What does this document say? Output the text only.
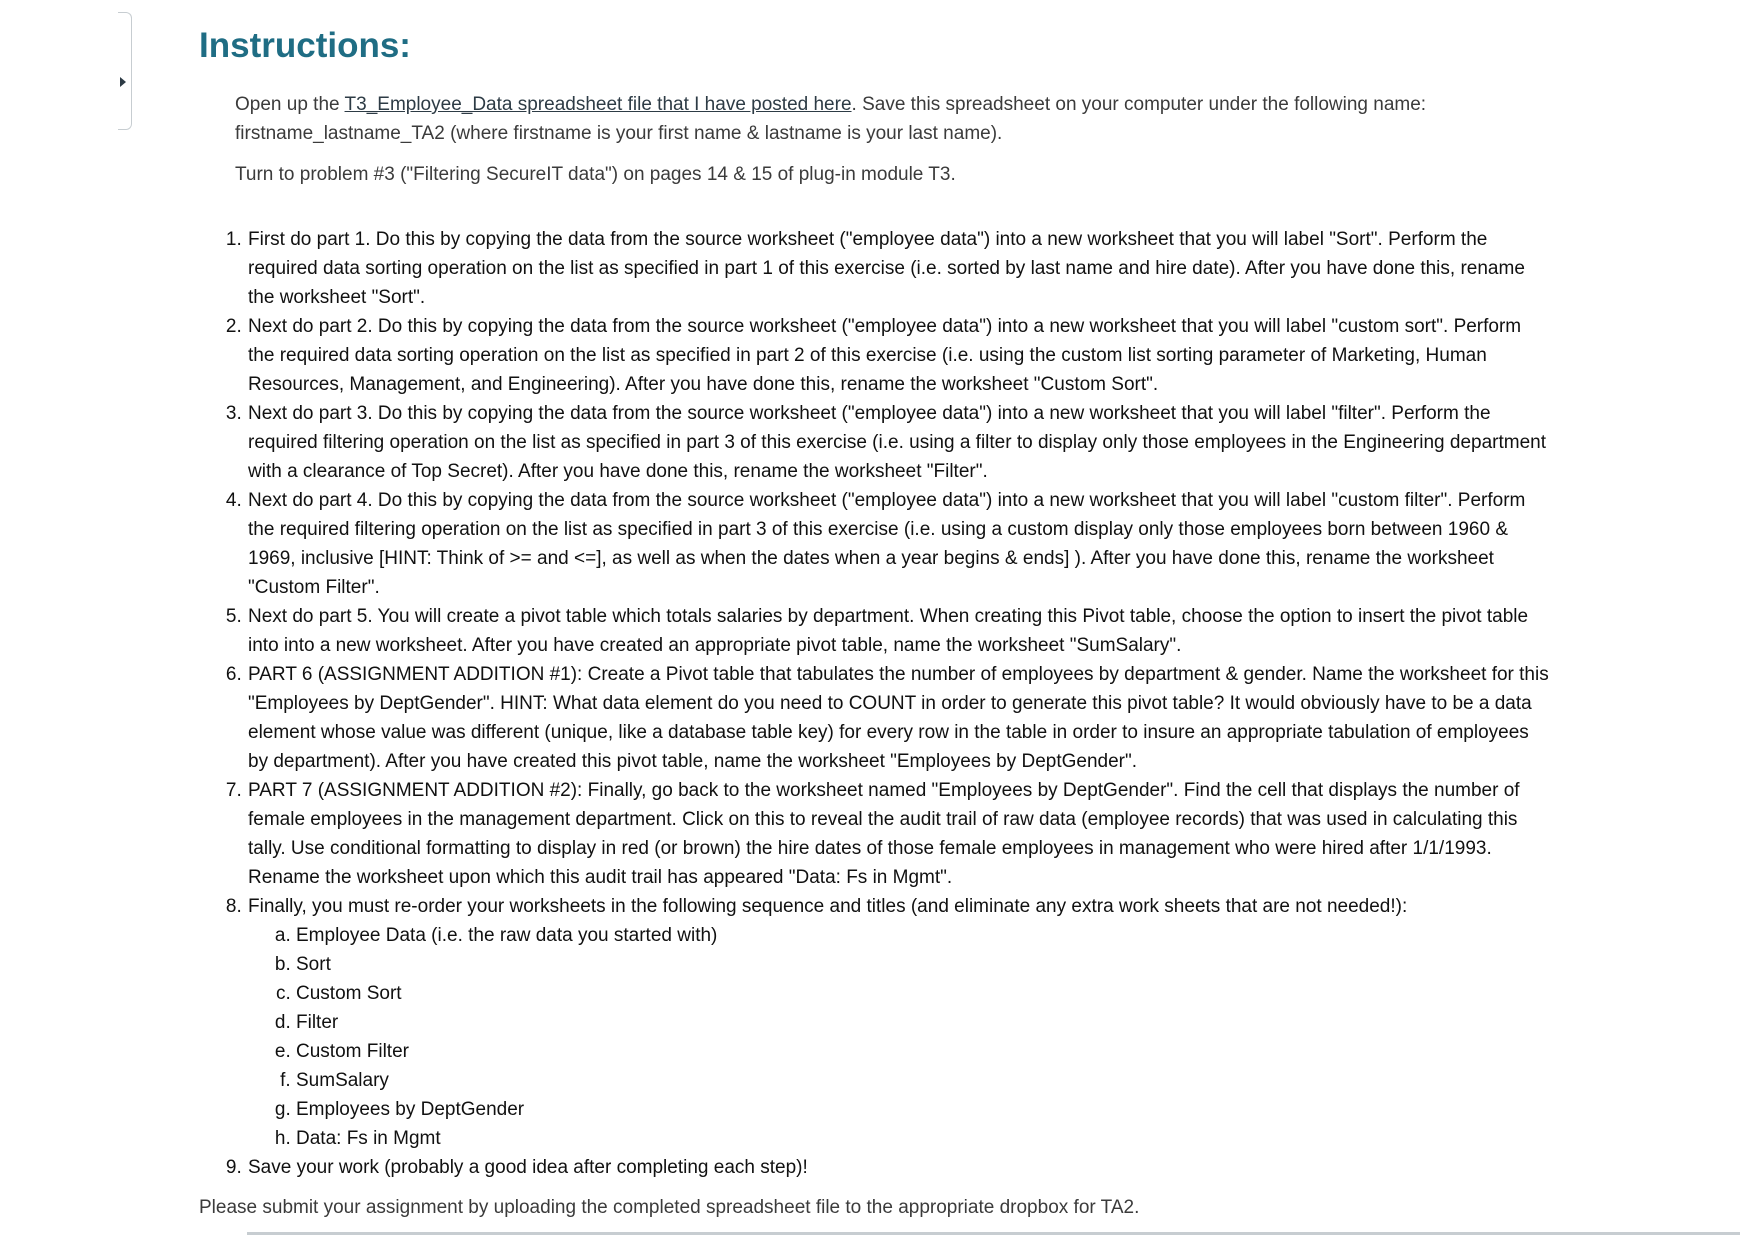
Instructions:

Open up the T3_Employee_Data spreadsheet file that I have posted here. Save this spreadsheet on your computer under the following name: firstname_lastname_TA2 (where firstname is your first name & lastname is your last name).

Turn to problem #3 ("Filtering SecureIT data") on pages 14 & 15 of plug-in module T3.

1. First do part 1. Do this by copying the data from the source worksheet ("employee data") into a new worksheet that you will label "Sort". Perform the required data sorting operation on the list as specified in part 1 of this exercise (i.e. sorted by last name and hire date). After you have done this, rename the worksheet "Sort".
2. Next do part 2. Do this by copying the data from the source worksheet ("employee data") into a new worksheet that you will label "custom sort". Perform the required data sorting operation on the list as specified in part 2 of this exercise (i.e. using the custom list sorting parameter of Marketing, Human Resources, Management, and Engineering). After you have done this, rename the worksheet "Custom Sort".
3. Next do part 3. Do this by copying the data from the source worksheet ("employee data") into a new worksheet that you will label "filter". Perform the required filtering operation on the list as specified in part 3 of this exercise (i.e. using a filter to display only those employees in the Engineering department with a clearance of Top Secret). After you have done this, rename the worksheet "Filter".
4. Next do part 4. Do this by copying the data from the source worksheet ("employee data") into a new worksheet that you will label "custom filter". Perform the required filtering operation on the list as specified in part 3 of this exercise (i.e. using a custom display only those employees born between 1960 & 1969, inclusive [HINT: Think of >= and <=], as well as when the dates when a year begins & ends] ). After you have done this, rename the worksheet "Custom Filter".
5. Next do part 5. You will create a pivot table which totals salaries by department. When creating this Pivot table, choose the option to insert the pivot table into into a new worksheet. After you have created an appropriate pivot table, name the worksheet "SumSalary".
6. PART 6 (ASSIGNMENT ADDITION #1): Create a Pivot table that tabulates the number of employees by department & gender. Name the worksheet for this "Employees by DeptGender". HINT: What data element do you need to COUNT in order to generate this pivot table? It would obviously have to be a data element whose value was different (unique, like a database table key) for every row in the table in order to insure an appropriate tabulation of employees by department). After you have created this pivot table, name the worksheet "Employees by DeptGender".
7. PART 7 (ASSIGNMENT ADDITION #2): Finally, go back to the worksheet named "Employees by DeptGender". Find the cell that displays the number of female employees in the management department. Click on this to reveal the audit trail of raw data (employee records) that was used in calculating this tally. Use conditional formatting to display in red (or brown) the hire dates of those female employees in management who were hired after 1/1/1993. Rename the worksheet upon which this audit trail has appeared "Data: Fs in Mgmt".
8. Finally, you must re-order your worksheets in the following sequence and titles (and eliminate any extra work sheets that are not needed!):
a. Employee Data (i.e. the raw data you started with)
b. Sort
c. Custom Sort
d. Filter
e. Custom Filter
f. SumSalary
g. Employees by DeptGender
h. Data: Fs in Mgmt
9. Save your work (probably a good idea after completing each step)!

Please submit your assignment by uploading the completed spreadsheet file to the appropriate dropbox for TA2.
